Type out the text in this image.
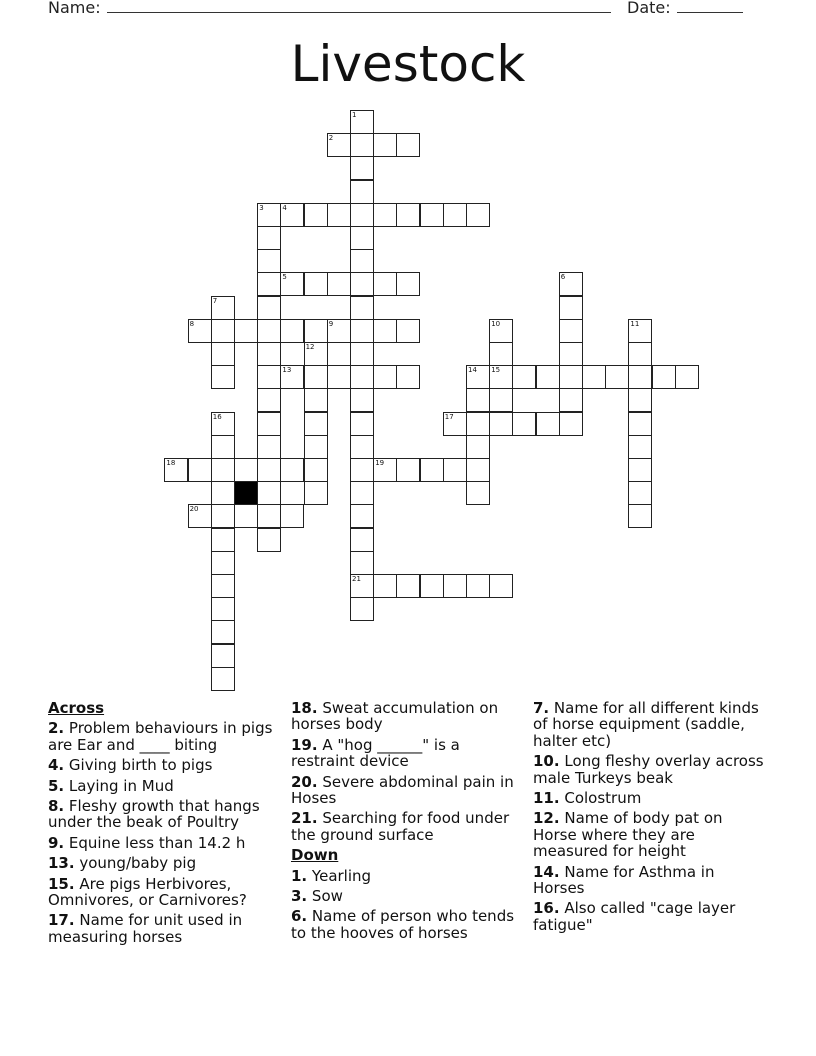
Name:	Date:
Livestock
1
2
3	4
5	6
7
8	9	10	11
12
13	14 15
16	17
18	19
20
21
Across
2. Problem behaviours in pigs are Ear and ____ biting
4. Giving birth to pigs
5. Laying in Mud
8. Fleshy growth that hangs under the beak of Poultry
9. Equine less than 14.2 h
13. young/baby pig
15. Are pigs Herbivores, Omnivores, or Carnivores?
17. Name for unit used in measuring horses
18. Sweat accumulation on horses body
19. A "hog ______" is a restraint device
20. Severe abdominal pain in Hoses
21. Searching for food under the ground surface
Down
1. Yearling
3. Sow
6. Name of person who tends to the hooves of horses
7. Name for all different kinds of horse equipment (saddle, halter etc)
10. Long fleshy overlay across male Turkeys beak
11. Colostrum
12. Name of body pat on Horse where they are measured for height
14. Name for Asthma in Horses
16. Also called "cage layer fatigue"
